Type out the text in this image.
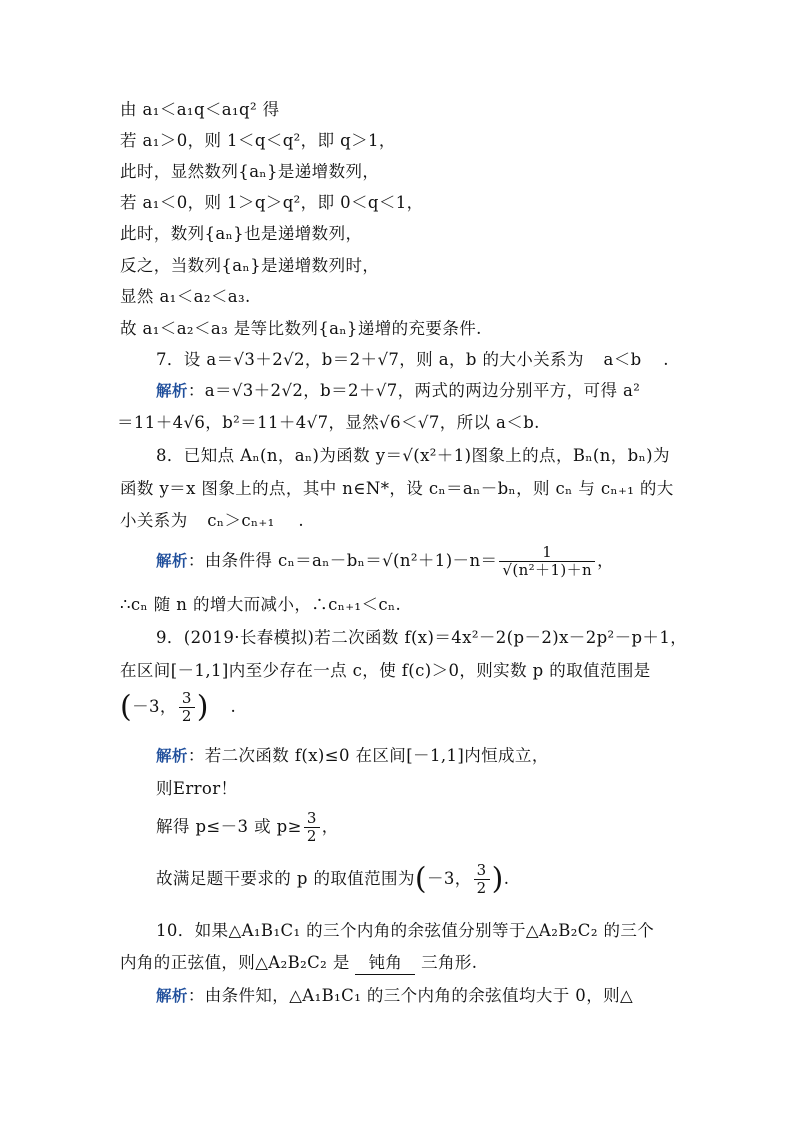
由 a₁＜a₁q＜a₁q² 得
若 a₁＞0，则 1＜q＜q²，即 q＞1，
此时，显然数列{aₙ}是递增数列，
若 a₁＜0，则 1＞q＞q²，即 0＜q＜1，
此时，数列{aₙ}也是递增数列，
反之，当数列{aₙ}是递增数列时，
显然 a₁＜a₂＜a₃.
故 a₁＜a₂＜a₃ 是等比数列{aₙ}递增的充要条件.
7．设 a＝√3＋2√2，b＝2＋√7，则 a，b 的大小关系为 a＜b .
解析：a＝√3＋2√2，b＝2＋√7，两式的两边分别平方，可得 a²
＝11＋4√6，b²＝11＋4√7，显然√6＜√7，所以 a＜b.
8．已知点 Aₙ(n，aₙ)为函数 y＝√(x²＋1)图象上的点，Bₙ(n，bₙ)为
函数 y＝x 图象上的点，其中 n∈N*，设 cₙ＝aₙ－bₙ，则 cₙ 与 cₙ₊₁ 的大
小关系为 cₙ＞cₙ₊₁ .
解析：由条件得 $c_n=a_n-b_n=√(n^2+1)-n= \frac{1}{\text{√(n²＋1)＋n}}$ ，
∴cₙ 随 n 的增大而减小，∴cₙ₊₁＜cₙ.
9．(2019·长春模拟)若二次函数 f(x)＝4x²－2(p－2)x－2p²－p＋1，
在区间[－1,1]内至少存在一点 c，使 f(c)＞0，则实数 p 的取值范围是
(－3， $\frac{3}{2}$ ) .
解析：若二次函数 f(x)≤0 在区间[－1,1]内恒成立，
则Error！
解得 p≤－3 或 $p\ge \frac{3}{2}$ ，
故满足题干要求的 p 的取值范围为(－3， $\frac{3}{2}$ ).
10．如果△A₁B₁C₁ 的三个内角的余弦值分别等于△A₂B₂C₂ 的三个
内角的正弦值，则△A₂B₂C₂ 是 钝角 三角形.
解析：由条件知，△A₁B₁C₁ 的三个内角的余弦值均大于 0，则△
